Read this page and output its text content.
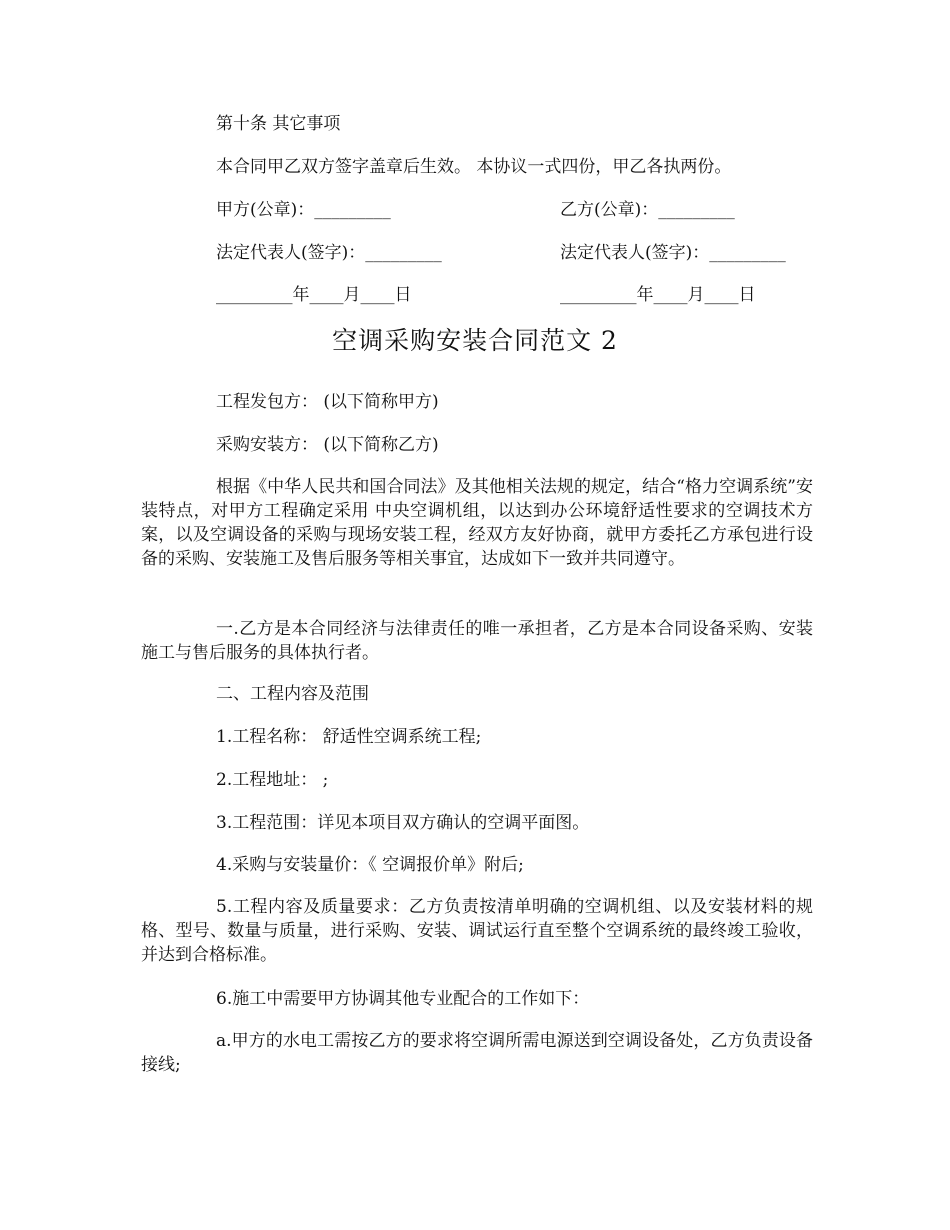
第十条 其它事项
本合同甲乙双方签字盖章后生效。 本协议一式四份，甲乙各执两份。
甲方(公章)：_________	乙方(公章)：_________
法定代表人(签字)：_________	法定代表人(签字)：_________
_________年____月____日	_________年____月____日
空调采购安装合同范文 2
工程发包方： (以下简称甲方)
采购安装方： (以下简称乙方)
根据《中华人民共和国合同法》及其他相关法规的规定，结合“格力空调系统”安装特点，对甲方工程确定采用 中央空调机组，以达到办公环境舒适性要求的空调技术方案，以及空调设备的采购与现场安装工程，经双方友好协商，就甲方委托乙方承包进行设备的采购、安装施工及售后服务等相关事宜，达成如下一致并共同遵守。
一.乙方是本合同经济与法律责任的唯一承担者，乙方是本合同设备采购、安装施工与售后服务的具体执行者。
二、工程内容及范围
1.工程名称： 舒适性空调系统工程;
2.工程地址： ;
3.工程范围：详见本项目双方确认的空调平面图。
4.采购与安装量价：《 空调报价单》附后;
5.工程内容及质量要求：乙方负责按清单明确的空调机组、以及安装材料的规格、型号、数量与质量，进行采购、安装、调试运行直至整个空调系统的最终竣工验收，并达到合格标准。
6.施工中需要甲方协调其他专业配合的工作如下：
a.甲方的水电工需按乙方的要求将空调所需电源送到空调设备处，乙方负责设备接线;
